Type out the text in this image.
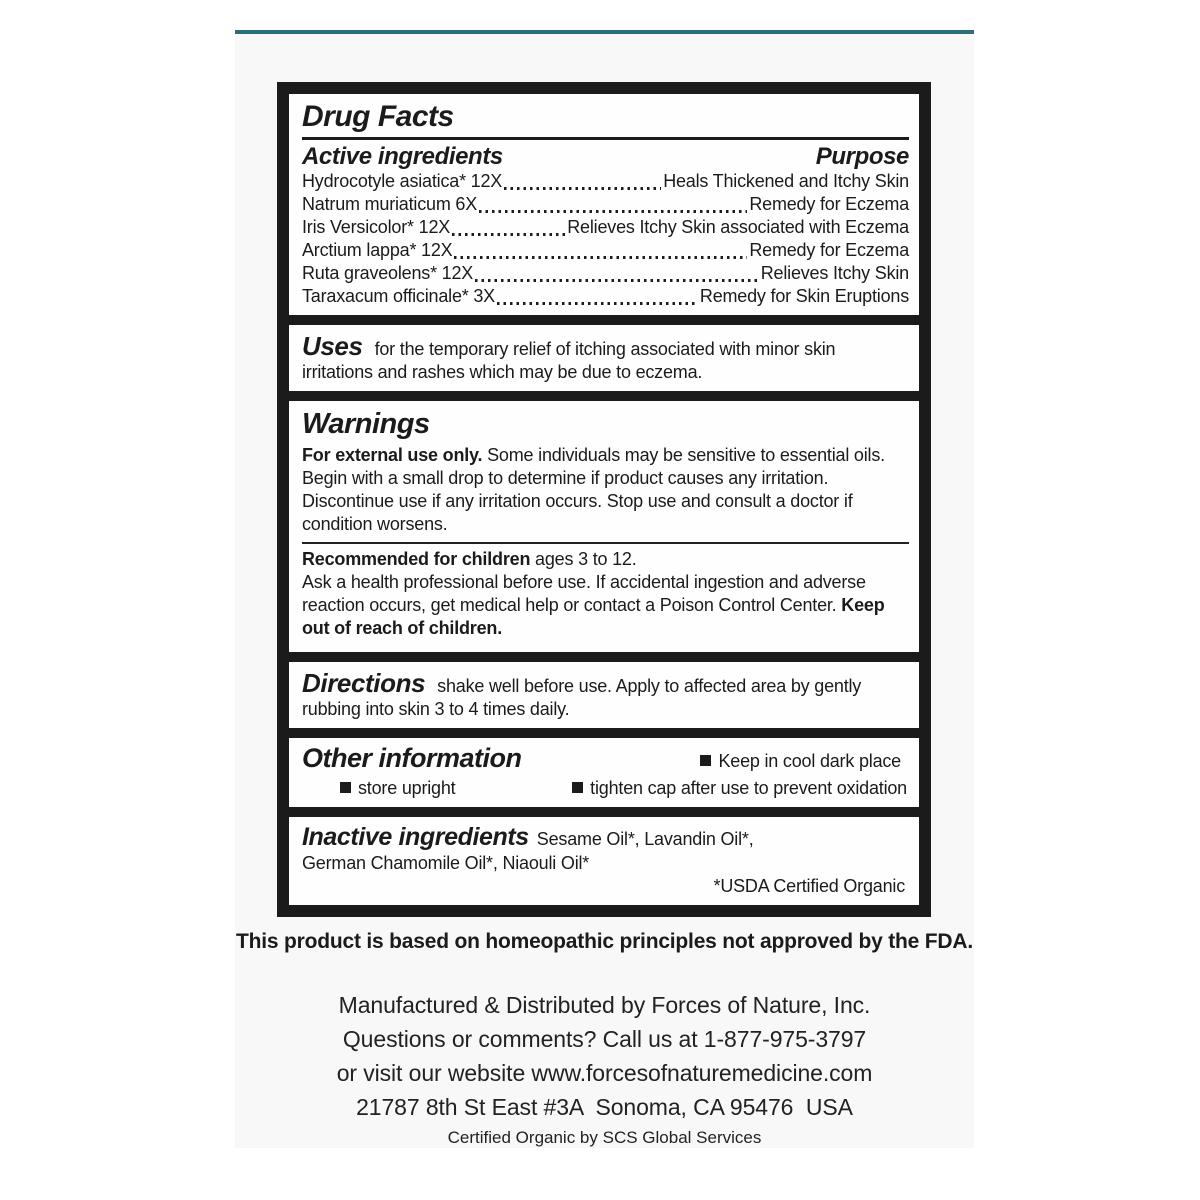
Drug Facts
Active ingredients	Purpose
Hydrocotyle asiatica* 12X	Heals Thickened and Itchy Skin
Natrum muriaticum 6X	Remedy for Eczema
Iris Versicolor* 12X	Relieves Itchy Skin associated with Eczema
Arctium lappa* 12X	Remedy for Eczema
Ruta graveolens* 12X	Relieves Itchy Skin
Taraxacum officinale* 3X	Remedy for Skin Eruptions
Uses for the temporary relief of itching associated with minor skin irritations and rashes which may be due to eczema.
Warnings
For external use only. Some individuals may be sensitive to essential oils. Begin with a small drop to determine if product causes any irritation. Discontinue use if any irritation occurs. Stop use and consult a doctor if condition worsens.
Recommended for children ages 3 to 12.
Ask a health professional before use. If accidental ingestion and adverse reaction occurs, get medical help or contact a Poison Control Center. Keep out of reach of children.
Directions shake well before use. Apply to affected area by gently rubbing into skin 3 to 4 times daily.
Other information	Keep in cool dark place
store upright	tighten cap after use to prevent oxidation
Inactive ingredients Sesame Oil*, Lavandin Oil*,
German Chamomile Oil*, Niaouli Oil*
*USDA Certified Organic
This product is based on homeopathic principles not approved by the FDA.
Manufactured & Distributed by Forces of Nature, Inc.
Questions or comments? Call us at 1-877-975-3797
or visit our website www.forcesofnaturemedicine.com
21787 8th St East #3A  Sonoma, CA 95476  USA
Certified Organic by SCS Global Services
